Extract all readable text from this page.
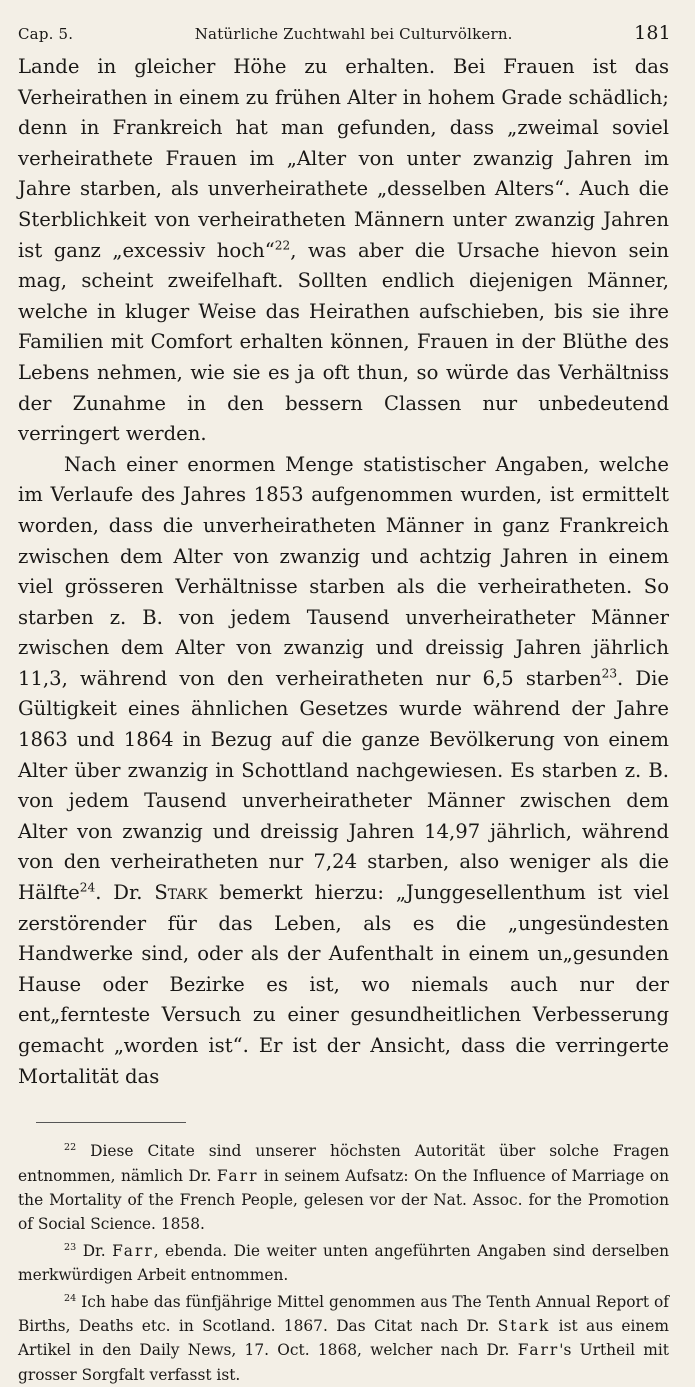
Cap. 5.	Natürliche Zuchtwahl bei Culturvölkern.	181

Lande in gleicher Höhe zu erhalten. Bei Frauen ist das Verheirathen in einem zu frühen Alter in hohem Grade schädlich; denn in Frankreich hat man gefunden, dass „zweimal soviel verheirathete Frauen im „Alter von unter zwanzig Jahren im Jahre starben, als unverheirathete „desselben Alters“. Auch die Sterblichkeit von verheiratheten Männern unter zwanzig Jahren ist ganz „excessiv hoch“$^{22}$, was aber die Ursache hievon sein mag, scheint zweifelhaft. Sollten endlich diejenigen Männer, welche in kluger Weise das Heirathen aufschieben, bis sie ihre Familien mit Comfort erhalten können, Frauen in der Blüthe des Lebens nehmen, wie sie es ja oft thun, so würde das Verhältniss der Zunahme in den bessern Classen nur unbedeutend verringert werden.

Nach einer enormen Menge statistischer Angaben, welche im Verlaufe des Jahres 1853 aufgenommen wurden, ist ermittelt worden, dass die unverheiratheten Männer in ganz Frankreich zwischen dem Alter von zwanzig und achtzig Jahren in einem viel grösseren Verhältnisse starben als die verheiratheten. So starben z. B. von jedem Tausend unverheiratheter Männer zwischen dem Alter von zwanzig und dreissig Jahren jährlich 11,3, während von den verheiratheten nur 6,5 starben$^{23}$. Die Gültigkeit eines ähnlichen Gesetzes wurde während der Jahre 1863 und 1864 in Bezug auf die ganze Bevölkerung von einem Alter über zwanzig in Schottland nachgewiesen. Es starben z. B. von jedem Tausend unverheiratheter Männer zwischen dem Alter von zwanzig und dreissig Jahren 14,97 jährlich, während von den verheiratheten nur 7,24 starben, also weniger als die Hälfte$^{24}$. Dr. Stark bemerkt hierzu: „Junggesellenthum ist viel zerstörender für das Leben, als es die „ungesündesten Handwerke sind, oder als der Aufenthalt in einem un„gesunden Hause oder Bezirke es ist, wo niemals auch nur der ent„fernteste Versuch zu einer gesundheitlichen Verbesserung gemacht „worden ist“. Er ist der Ansicht, dass die verringerte Mortalität das

$^{22}$ Diese Citate sind unserer höchsten Autorität über solche Fragen entnommen, nämlich Dr. Farr in seinem Aufsatz: On the Influence of Marriage on the Mortality of the French People, gelesen vor der Nat. Assoc. for the Promotion of Social Science. 1858.

$^{23}$ Dr. Farr, ebenda. Die weiter unten angeführten Angaben sind derselben merkwürdigen Arbeit entnommen.

$^{24}$ Ich habe das fünfjährige Mittel genommen aus The Tenth Annual Report of Births, Deaths etc. in Scotland. 1867. Das Citat nach Dr. Stark ist aus einem Artikel in den Daily News, 17. Oct. 1868, welcher nach Dr. Farr's Urtheil mit grosser Sorgfalt verfasst ist.
